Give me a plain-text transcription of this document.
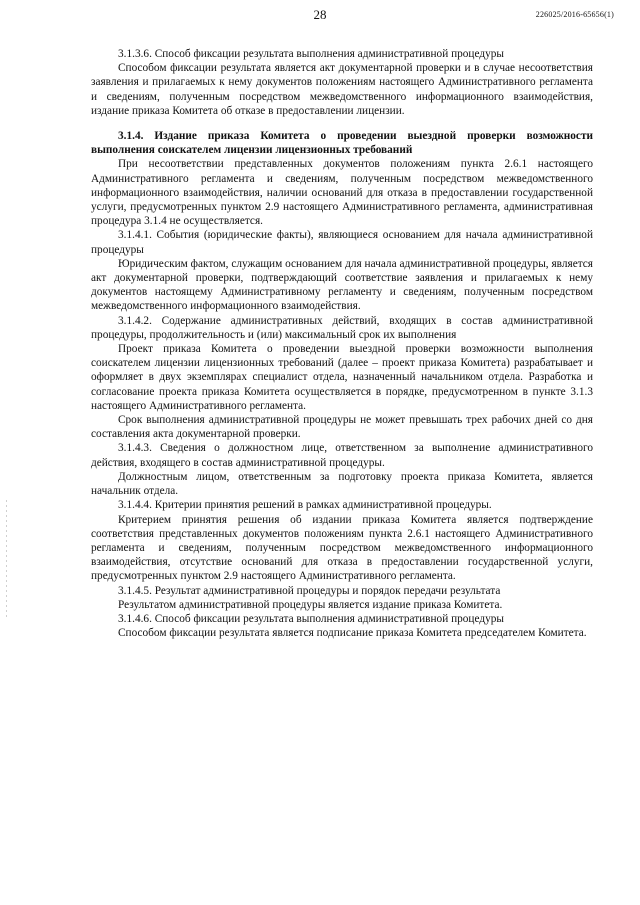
28	226025/2016-65656(1)

3.1.3.6. Способ фиксации результата выполнения административной процедуры

Способом фиксации результата является акт документарной проверки и в случае несоответствия заявления и прилагаемых к нему документов положениям настоящего Административного регламента и сведениям, полученным посредством межведомственного информационного взаимодействия, издание приказа Комитета об отказе в предоставлении лицензии.

3.1.4. Издание приказа Комитета о проведении выездной проверки возможности выполнения соискателем лицензии лицензионных требований

При несоответствии представленных документов положениям пункта 2.6.1 настоящего Административного регламента и сведениям, полученным посредством межведомственного информационного взаимодействия, наличии оснований для отказа в предоставлении государственной услуги, предусмотренных пунктом 2.9 настоящего Административного регламента, административная процедура 3.1.4 не осуществляется.

3.1.4.1. События (юридические факты), являющиеся основанием для начала административной процедуры

Юридическим фактом, служащим основанием для начала административной процедуры, является акт документарной проверки, подтверждающий соответствие заявления и прилагаемых к нему документов настоящему Административному регламенту и сведениям, полученным посредством межведомственного информационного взаимодействия.

3.1.4.2. Содержание административных действий, входящих в состав административной процедуры, продолжительность и (или) максимальный срок их выполнения

Проект приказа Комитета о проведении выездной проверки возможности выполнения соискателем лицензии лицензионных требований (далее – проект приказа Комитета) разрабатывает и оформляет в двух экземплярах специалист отдела, назначенный начальником отдела. Разработка и согласование проекта приказа Комитета осуществляется в порядке, предусмотренном в пункте 3.1.3 настоящего Административного регламента.

Срок выполнения административной процедуры не может превышать трех рабочих дней со дня составления акта документарной проверки.

3.1.4.3. Сведения о должностном лице, ответственном за выполнение административного действия, входящего в состав административной процедуры.

Должностным лицом, ответственным за подготовку проекта приказа Комитета, является начальник отдела.

3.1.4.4. Критерии принятия решений в рамках административной процедуры.

Критерием принятия решения об издании приказа Комитета является подтверждение соответствия представленных документов положениям пункта 2.6.1 настоящего Административного регламента и сведениям, полученным посредством межведомственного информационного взаимодействия, отсутствие оснований для отказа в предоставлении государственной услуги, предусмотренных пунктом 2.9 настоящего Административного регламента.

3.1.4.5. Результат административной процедуры и порядок передачи результата

Результатом административной процедуры является издание приказа Комитета.

3.1.4.6. Способ фиксации результата выполнения административной процедуры

Способом фиксации результата является подписание приказа Комитета председателем Комитета.
